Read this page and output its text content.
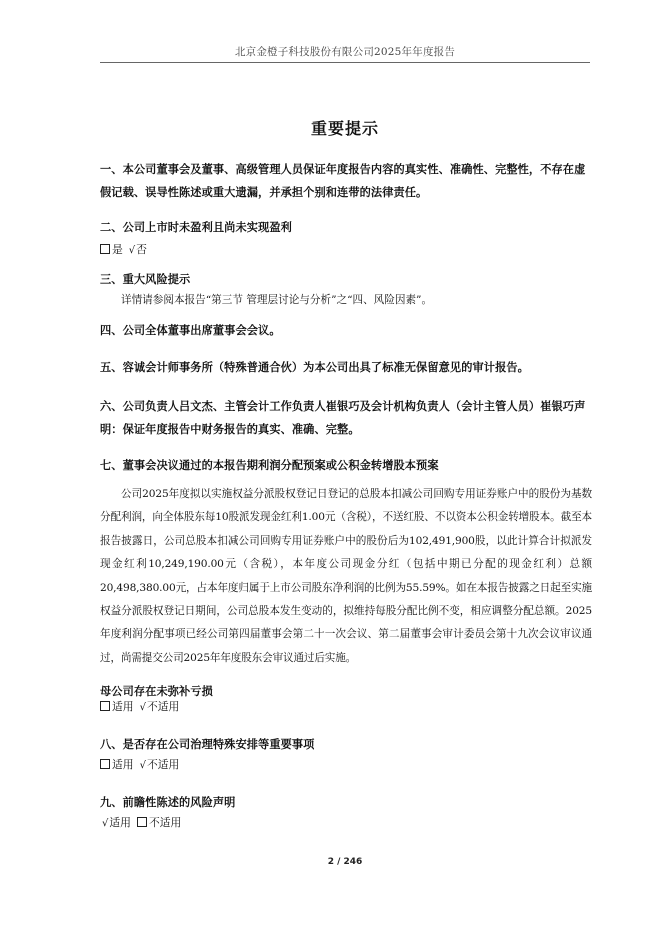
北京金橙子科技股份有限公司2025年年度报告
重要提示
一、本公司董事会及董事、高级管理人员保证年度报告内容的真实性、准确性、完整性，不存在虚假记载、误导性陈述或重大遗漏，并承担个别和连带的法律责任。
二、公司上市时未盈利且尚未实现盈利
是 √否
三、重大风险提示
详情请参阅本报告“第三节 管理层讨论与分析”之“四、风险因素”。
四、公司全体董事出席董事会会议。
五、容诚会计师事务所（特殊普通合伙）为本公司出具了标准无保留意见的审计报告。
六、公司负责人吕文杰、主管会计工作负责人崔银巧及会计机构负责人（会计主管人员）崔银巧声明：保证年度报告中财务报告的真实、准确、完整。
七、董事会决议通过的本报告期利润分配预案或公积金转增股本预案
公司2025年度拟以实施权益分派股权登记日登记的总股本扣减公司回购专用证券账户中的股份为基数分配利润，向全体股东每10股派发现金红利1.00元（含税），不送红股、不以资本公积金转增股本。截至本报告披露日，公司总股本扣减公司回购专用证券账户中的股份后为102,491,900股，以此计算合计拟派发现金红利10,249,190.00元（含税），本年度公司现金分红（包括中期已分配的现金红利）总额20,498,380.00元，占本年度归属于上市公司股东净利润的比例为55.59%。如在本报告披露之日起至实施权益分派股权登记日期间，公司总股本发生变动的，拟维持每股分配比例不变，相应调整分配总额。2025年度利润分配事项已经公司第四届董事会第二十一次会议、第二届董事会审计委员会第十九次会议审议通过，尚需提交公司2025年年度股东会审议通过后实施。
母公司存在未弥补亏损
适用 √不适用
八、是否存在公司治理特殊安排等重要事项
适用 √不适用
九、前瞻性陈述的风险声明
√适用 不适用
2 / 246
